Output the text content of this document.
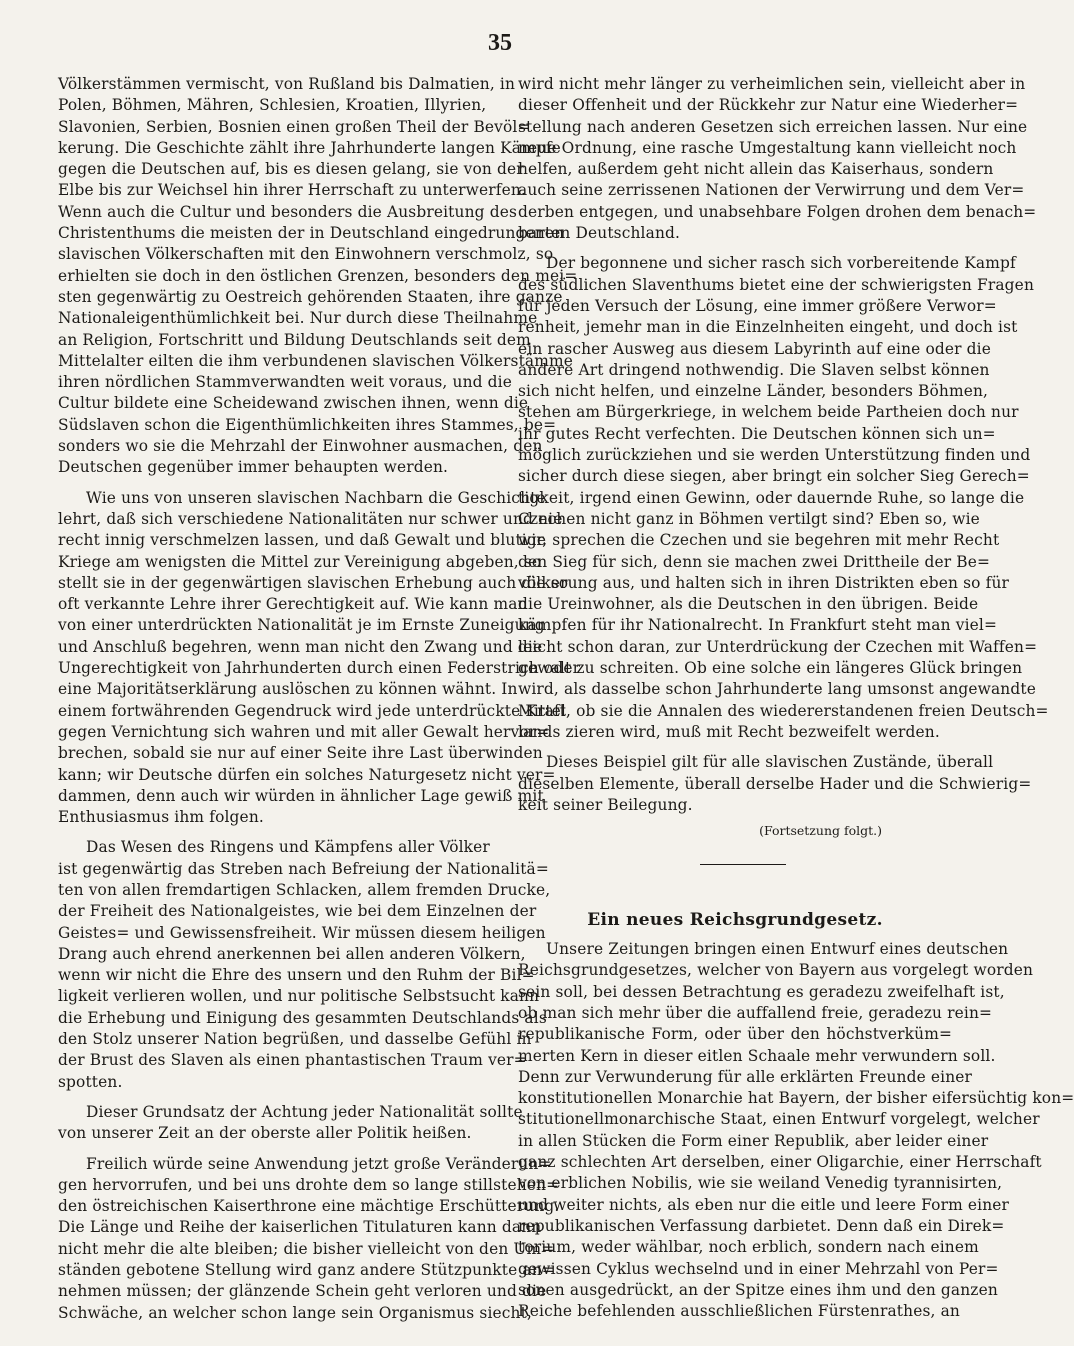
35
Völkerstämmen vermischt, von Rußland bis Dalmatien, in
Polen, Böhmen, Mähren, Schlesien, Kroatien, Illyrien,
Slavonien, Serbien, Bosnien einen großen Theil der Bevöl=
kerung. Die Geschichte zählt ihre Jahrhunderte langen Kämpfe
gegen die Deutschen auf, bis es diesen gelang, sie von der
Elbe bis zur Weichsel hin ihrer Herrschaft zu unterwerfen.
Wenn auch die Cultur und besonders die Ausbreitung des
Christenthums die meisten der in Deutschland eingedrungenen
slavischen Völkerschaften mit den Einwohnern verschmolz, so
erhielten sie doch in den östlichen Grenzen, besonders den mei=
sten gegenwärtig zu Oestreich gehörenden Staaten, ihre ganze
Nationaleigenthümlichkeit bei. Nur durch diese Theilnahme
an Religion, Fortschritt und Bildung Deutschlands seit dem
Mittelalter eilten die ihm verbundenen slavischen Völkerstämme
ihren nördlichen Stammverwandten weit voraus, und die
Cultur bildete eine Scheidewand zwischen ihnen, wenn die
Südslaven schon die Eigenthümlichkeiten ihres Stammes, be=
sonders wo sie die Mehrzahl der Einwohner ausmachen, den
Deutschen gegenüber immer behaupten werden.
Wie uns von unseren slavischen Nachbarn die Geschichte
lehrt, daß sich verschiedene Nationalitäten nur schwer und nie
recht innig verschmelzen lassen, und daß Gewalt und blutige
Kriege am wenigsten die Mittel zur Vereinigung abgeben, so
stellt sie in der gegenwärtigen slavischen Erhebung auch die so
oft verkannte Lehre ihrer Gerechtigkeit auf. Wie kann man
von einer unterdrückten Nationalität je im Ernste Zuneigung
und Anschluß begehren, wenn man nicht den Zwang und die
Ungerechtigkeit von Jahrhunderten durch einen Federstrich oder
eine Majoritätserklärung auslöschen zu können wähnt. In
einem fortwährenden Gegendruck wird jede unterdrückte Kraft
gegen Vernichtung sich wahren und mit aller Gewalt hervor=
brechen, sobald sie nur auf einer Seite ihre Last überwinden
kann; wir Deutsche dürfen ein solches Naturgesetz nicht ver=
dammen, denn auch wir würden in ähnlicher Lage gewiß mit
Enthusiasmus ihm folgen.
Das Wesen des Ringens und Kämpfens aller Völker
ist gegenwärtig das Streben nach Befreiung der Nationalitä=
ten von allen fremdartigen Schlacken, allem fremden Drucke,
der Freiheit des Nationalgeistes, wie bei dem Einzelnen der
Geistes= und Gewissensfreiheit. Wir müssen diesem heiligen
Drang auch ehrend anerkennen bei allen anderen Völkern,
wenn wir nicht die Ehre des unsern und den Ruhm der Bil=
ligkeit verlieren wollen, und nur politische Selbstsucht kann
die Erhebung und Einigung des gesammten Deutschlands als
den Stolz unserer Nation begrüßen, und dasselbe Gefühl in
der Brust des Slaven als einen phantastischen Traum ver=
spotten.
Dieser Grundsatz der Achtung jeder Nationalität sollte
von unserer Zeit an der oberste aller Politik heißen.
Freilich würde seine Anwendung jetzt große Veränderun=
gen hervorrufen, und bei uns drohte dem so lange stillstehen=
den östreichischen Kaiserthrone eine mächtige Erschütterung.
Die Länge und Reihe der kaiserlichen Titulaturen kann dann
nicht mehr die alte bleiben; die bisher vielleicht von den Um=
ständen gebotene Stellung wird ganz andere Stützpunkte an=
nehmen müssen; der glänzende Schein geht verloren und die
Schwäche, an welcher schon lange sein Organismus siecht,
wird nicht mehr länger zu verheimlichen sein, vielleicht aber in
dieser Offenheit und der Rückkehr zur Natur eine Wiederher=
stellung nach anderen Gesetzen sich erreichen lassen. Nur eine
neue Ordnung, eine rasche Umgestaltung kann vielleicht noch
helfen, außerdem geht nicht allein das Kaiserhaus, sondern
auch seine zerrissenen Nationen der Verwirrung und dem Ver=
derben entgegen, und unabsehbare Folgen drohen dem benach=
barten Deutschland.
Der begonnene und sicher rasch sich vorbereitende Kampf
des südlichen Slaventhums bietet eine der schwierigsten Fragen
für jeden Versuch der Lösung, eine immer größere Verwor=
renheit, jemehr man in die Einzelnheiten eingeht, und doch ist
ein rascher Ausweg aus diesem Labyrinth auf eine oder die
andere Art dringend nothwendig. Die Slaven selbst können
sich nicht helfen, und einzelne Länder, besonders Böhmen,
stehen am Bürgerkriege, in welchem beide Partheien doch nur
ihr gutes Recht verfechten. Die Deutschen können sich un=
möglich zurückziehen und sie werden Unterstützung finden und
sicher durch diese siegen, aber bringt ein solcher Sieg Gerech=
tigkeit, irgend einen Gewinn, oder dauernde Ruhe, so lange die
Czechen nicht ganz in Böhmen vertilgt sind? Eben so, wie
wir, sprechen die Czechen und sie begehren mit mehr Recht
den Sieg für sich, denn sie machen zwei Drittheile der Be=
völkerung aus, und halten sich in ihren Distrikten eben so für
die Ureinwohner, als die Deutschen in den übrigen. Beide
kämpfen für ihr Nationalrecht. In Frankfurt steht man viel=
leicht schon daran, zur Unterdrückung der Czechen mit Waffen=
gewalt zu schreiten. Ob eine solche ein längeres Glück bringen
wird, als dasselbe schon Jahrhunderte lang umsonst angewandte
Mittel, ob sie die Annalen des wiedererstandenen freien Deutsch=
lands zieren wird, muß mit Recht bezweifelt werden.
Dieses Beispiel gilt für alle slavischen Zustände, überall
dieselben Elemente, überall derselbe Hader und die Schwierig=
keit seiner Beilegung.
(Fortsetzung folgt.)
Ein neues Reichsgrundgesetz.
Unsere Zeitungen bringen einen Entwurf eines deutschen
Reichsgrundgesetzes, welcher von Bayern aus vorgelegt worden
sein soll, bei dessen Betrachtung es geradezu zweifelhaft ist,
ob man sich mehr über die auffallend freie, geradezu rein=
republikanische Form, oder über den höchstverküm=
merten Kern in dieser eitlen Schaale mehr verwundern soll.
Denn zur Verwunderung für alle erklärten Freunde einer
konstitutionellen Monarchie hat Bayern, der bisher eifersüchtig kon=
stitutionellmonarchische Staat, einen Entwurf vorgelegt, welcher
in allen Stücken die Form einer Republik, aber leider einer
ganz schlechten Art derselben, einer Oligarchie, einer Herrschaft
von erblichen Nobilis, wie sie weiland Venedig tyrannisirten,
und weiter nichts, als eben nur die eitle und leere Form einer
republikanischen Verfassung darbietet. Denn daß ein Direk=
torium, weder wählbar, noch erblich, sondern nach einem
gewissen Cyklus wechselnd und in einer Mehrzahl von Per=
sonen ausgedrückt, an der Spitze eines ihm und den ganzen
Reiche befehlenden ausschließlichen Fürstenrathes, an
